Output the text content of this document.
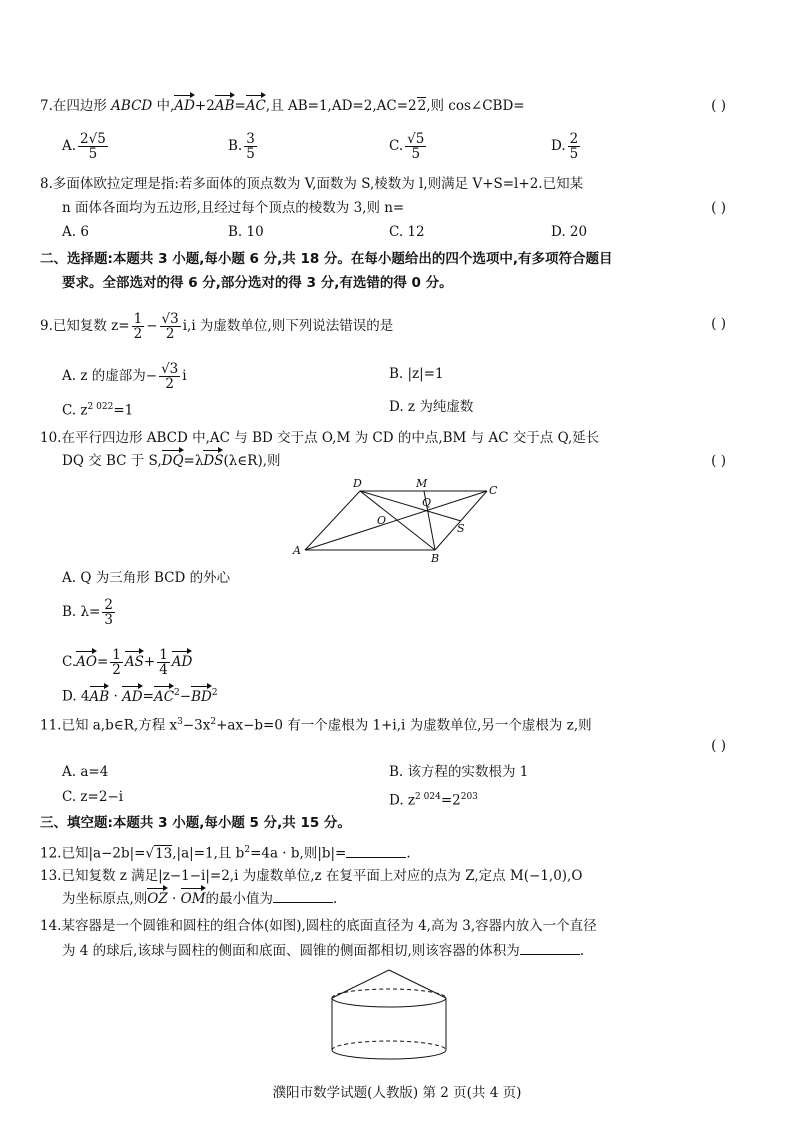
7.在四边形 ABCD 中,AD+2AB=AC,且 AB=1,AD=2,AC=22,则 cos∠CBD=	( )
A. $\frac{2√5}{5}$	B. $\frac{3}{5}$	C. $\frac{√5}{5}$	D. $\frac{2}{5}$
8.多面体欧拉定理是指:若多面体的顶点数为 V,面数为 S,棱数为 l,则满足 V+S=l+2.已知某
n 面体各面均为五边形,且经过每个顶点的棱数为 3,则 n=	( )
A. 6	B. 10	C. 12	D. 20
二、选择题:本题共 3 小题,每小题 6 分,共 18 分。在每小题给出的四个选项中,有多项符合题目
要求。全部选对的得 6 分,部分选对的得 3 分,有选错的得 0 分。
9.已知复数 $z= \frac{1}{2} - \frac{√3}{2} i,i$ 为虚数单位,则下列说法错误的是	( )
A. z 的虚部为− $\frac{√3}{2}$ i	B. |z|=1
C. $z^{2 022}=1$	D. z 为纯虚数
10.在平行四边形 ABCD 中,AC 与 BD 交于点 O,M 为 CD 的中点,BM 与 AC 交于点 Q,延长
DQ 交 BC 于 S,DQ=λDS(λ∈R),则	( )
D	M
C
Q
O
S
A
B
A. Q 为三角形 BCD 的外心
B. $\lambda= \frac{2}{3}$
$C.AO= \frac{1}{2} AS+ \frac{1}{4}$ AD
D. $4AB \cdot AD=AC^2-BD^2$
11.已知 a,b∈R,方程 $x^3-3x^2+ax-b=0$ 有一个虚根为 1+i,i 为虚数单位,另一个虚根为 z,则
( )
A. a=4	B. 该方程的实数根为 1
C. z=2−i	D. $z^{2 024}=2^{203}$
三、填空题:本题共 3 小题,每小题 5 分,共 15 分。
12.已知|a−2b|=√13,|a|=1,且 $b^2=4a \cdot b$,则|b|=	.
13.已知复数 z 满足|z−1−i|=2,i 为虚数单位,z 在复平面上对应的点为 Z,定点 M(−1,0),O
为坐标原点,则OZ · OM的最小值为	.
14.某容器是一个圆锥和圆柱的组合体(如图),圆柱的底面直径为 4,高为 3,容器内放入一个直径
为 4 的球后,该球与圆柱的侧面和底面、圆锥的侧面都相切,则该容器的体积为	.
濮阳市数学试题(人教版) 第 2 页(共 4 页)
